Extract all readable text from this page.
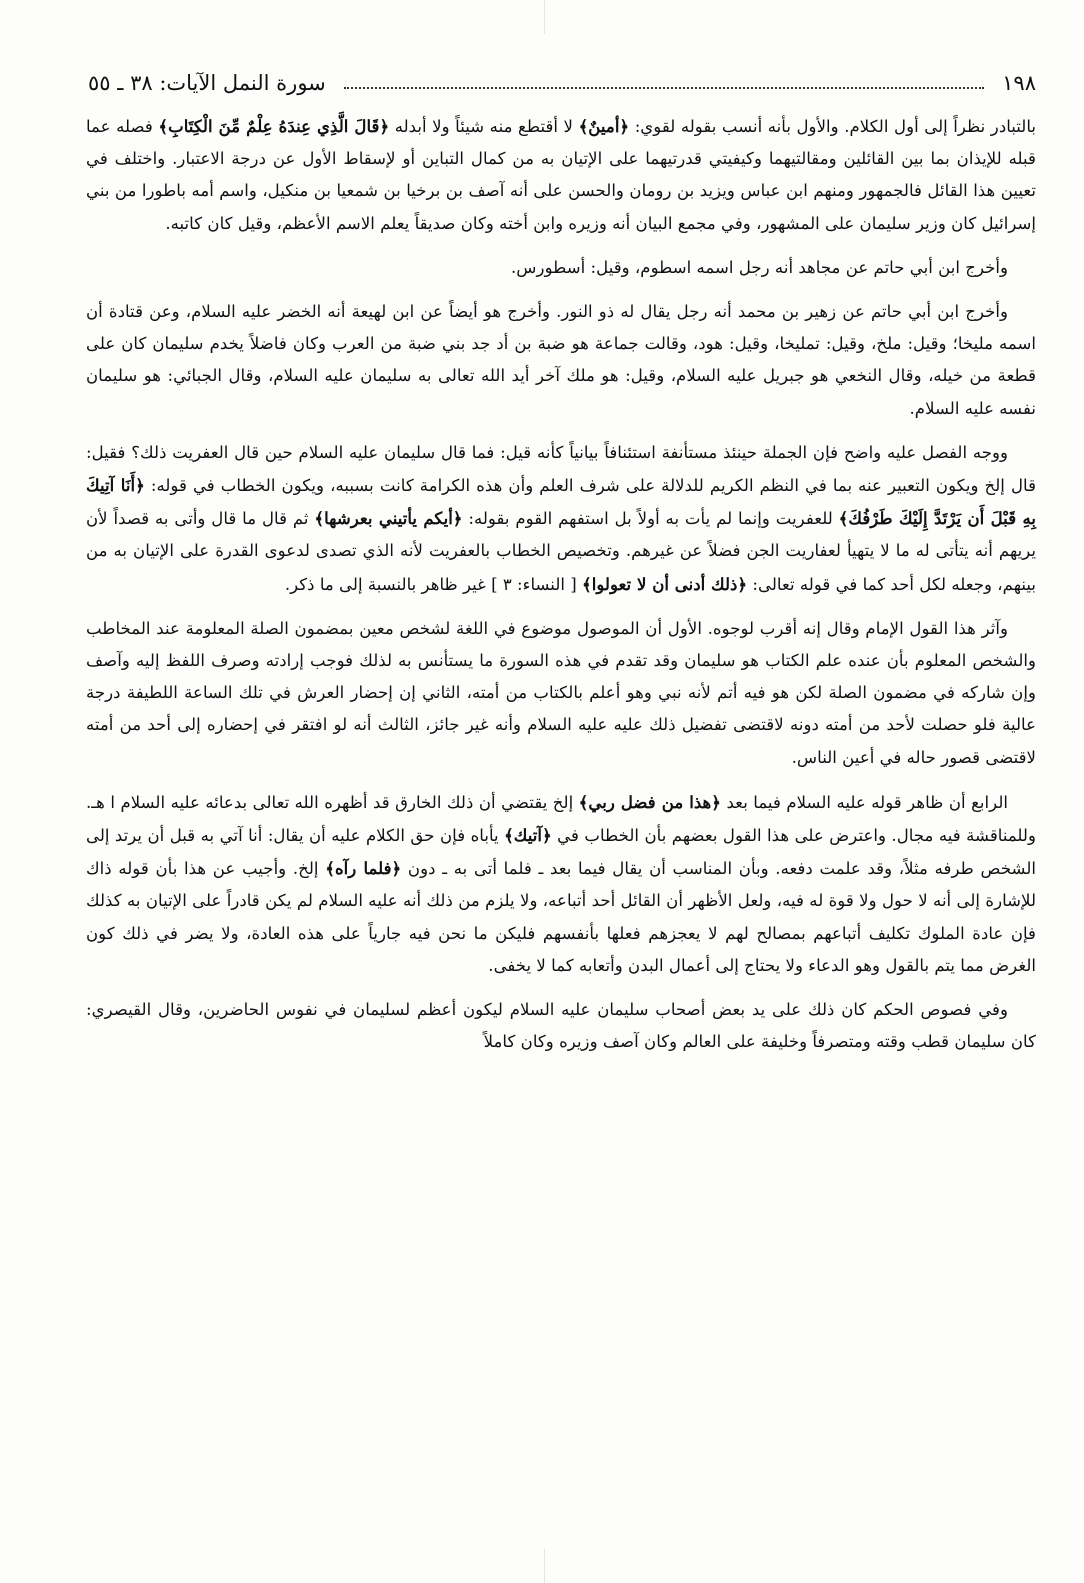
١٩٨
سورة النمل الآيات: ٣٨ ـ ٥٥

بالتبادر نظراً إلى أول الكلام. والأول بأنه أنسب بقوله لقوي: ﴿أمينٌ﴾ لا أقتطع منه شيئاً ولا أبدله ﴿قَالَ الَّذِي عِندَهُ عِلْمٌ مِّنَ الْكِتَابِ﴾ فصله عما قبله للإيذان بما بين القائلين ومقالتيهما وكيفيتي قدرتيهما على الإتيان به من كمال التباين أو لإسقاط الأول عن درجة الاعتبار. واختلف في تعيين هذا القائل فالجمهور ومنهم ابن عباس ويزيد بن رومان والحسن على أنه آصف بن برخيا بن شمعيا بن منكيل، واسم أمه باطورا من بني إسرائيل كان وزير سليمان على المشهور، وفي مجمع البيان أنه وزيره وابن أخته وكان صديقاً يعلم الاسم الأعظم، وقيل كان كاتبه.

وأخرج ابن أبي حاتم عن مجاهد أنه رجل اسمه اسطوم، وقيل: أسطورس.

وأخرج ابن أبي حاتم عن زهير بن محمد أنه رجل يقال له ذو النور. وأخرج هو أيضاً عن ابن لهيعة أنه الخضر عليه السلام، وعن قتادة أن اسمه مليخا؛ وقيل: ملخ، وقيل: تمليخا، وقيل: هود، وقالت جماعة هو ضبة بن أد جد بني ضبة من العرب وكان فاضلاً يخدم سليمان كان على قطعة من خيله، وقال النخعي هو جبريل عليه السلام، وقيل: هو ملك آخر أيد الله تعالى به سليمان عليه السلام، وقال الجبائي: هو سليمان نفسه عليه السلام.

ووجه الفصل عليه واضح فإن الجملة حينئذ مستأنفة استئنافاً بيانياً كأنه قيل: فما قال سليمان عليه السلام حين قال العفريت ذلك؟ فقيل: قال إلخ ويكون التعبير عنه بما في النظم الكريم للدلالة على شرف العلم وأن هذه الكرامة كانت بسببه، ويكون الخطاب في قوله: ﴿أَنَا آتِيكَ بِهِ قَبْلَ أَن يَرْتَدَّ إِلَيْكَ طَرْفُكَ﴾ للعفريت وإنما لم يأت به أولاً بل استفهم القوم بقوله: ﴿أيكم يأتيني بعرشها﴾ ثم قال ما قال وأتى به قصداً لأن يريهم أنه يتأتى له ما لا يتهيأ لعفاريت الجن فضلاً عن غيرهم. وتخصيص الخطاب بالعفريت لأنه الذي تصدى لدعوى القدرة على الإتيان به من بينهم، وجعله لكل أحد كما في قوله تعالى: ﴿ذلك أدنى أن لا تعولوا﴾ [ النساء: ٣ ] غير ظاهر بالنسبة إلى ما ذكر.

وآثر هذا القول الإمام وقال إنه أقرب لوجوه. الأول أن الموصول موضوع في اللغة لشخص معين بمضمون الصلة المعلومة عند المخاطب والشخص المعلوم بأن عنده علم الكتاب هو سليمان وقد تقدم في هذه السورة ما يستأنس به لذلك فوجب إرادته وصرف اللفظ إليه وآصف وإن شاركه في مضمون الصلة لكن هو فيه أتم لأنه نبي وهو أعلم بالكتاب من أمته، الثاني إن إحضار العرش في تلك الساعة اللطيفة درجة عالية فلو حصلت لأحد من أمته دونه لاقتضى تفضيل ذلك عليه عليه السلام وأنه غير جائز، الثالث أنه لو افتقر في إحضاره إلى أحد من أمته لاقتضى قصور حاله في أعين الناس.

الرابع أن ظاهر قوله عليه السلام فيما بعد ﴿هذا من فضل ربي﴾ إلخ يقتضي أن ذلك الخارق قد أظهره الله تعالى بدعائه عليه السلام ا هـ. وللمناقشة فيه مجال. واعترض على هذا القول بعضهم بأن الخطاب في ﴿آتيك﴾ يأباه فإن حق الكلام عليه أن يقال: أنا آتي به قبل أن يرتد إلى الشخص طرفه مثلاً، وقد علمت دفعه. وبأن المناسب أن يقال فيما بعد ـ فلما أتى به ـ دون ﴿فلما رآه﴾ إلخ. وأجيب عن هذا بأن قوله ذاك للإشارة إلى أنه لا حول ولا قوة له فيه، ولعل الأظهر أن القائل أحد أتباعه، ولا يلزم من ذلك أنه عليه السلام لم يكن قادراً على الإتيان به كذلك فإن عادة الملوك تكليف أتباعهم بمصالح لهم لا يعجزهم فعلها بأنفسهم فليكن ما نحن فيه جارياً على هذه العادة، ولا يضر في ذلك كون الغرض مما يتم بالقول وهو الدعاء ولا يحتاج إلى أعمال البدن وأتعابه كما لا يخفى.

وفي فصوص الحكم كان ذلك على يد بعض أصحاب سليمان عليه السلام ليكون أعظم لسليمان في نفوس الحاضرين، وقال القيصري: كان سليمان قطب وقته ومتصرفاً وخليفة على العالم وكان آصف وزيره وكان كاملاً
